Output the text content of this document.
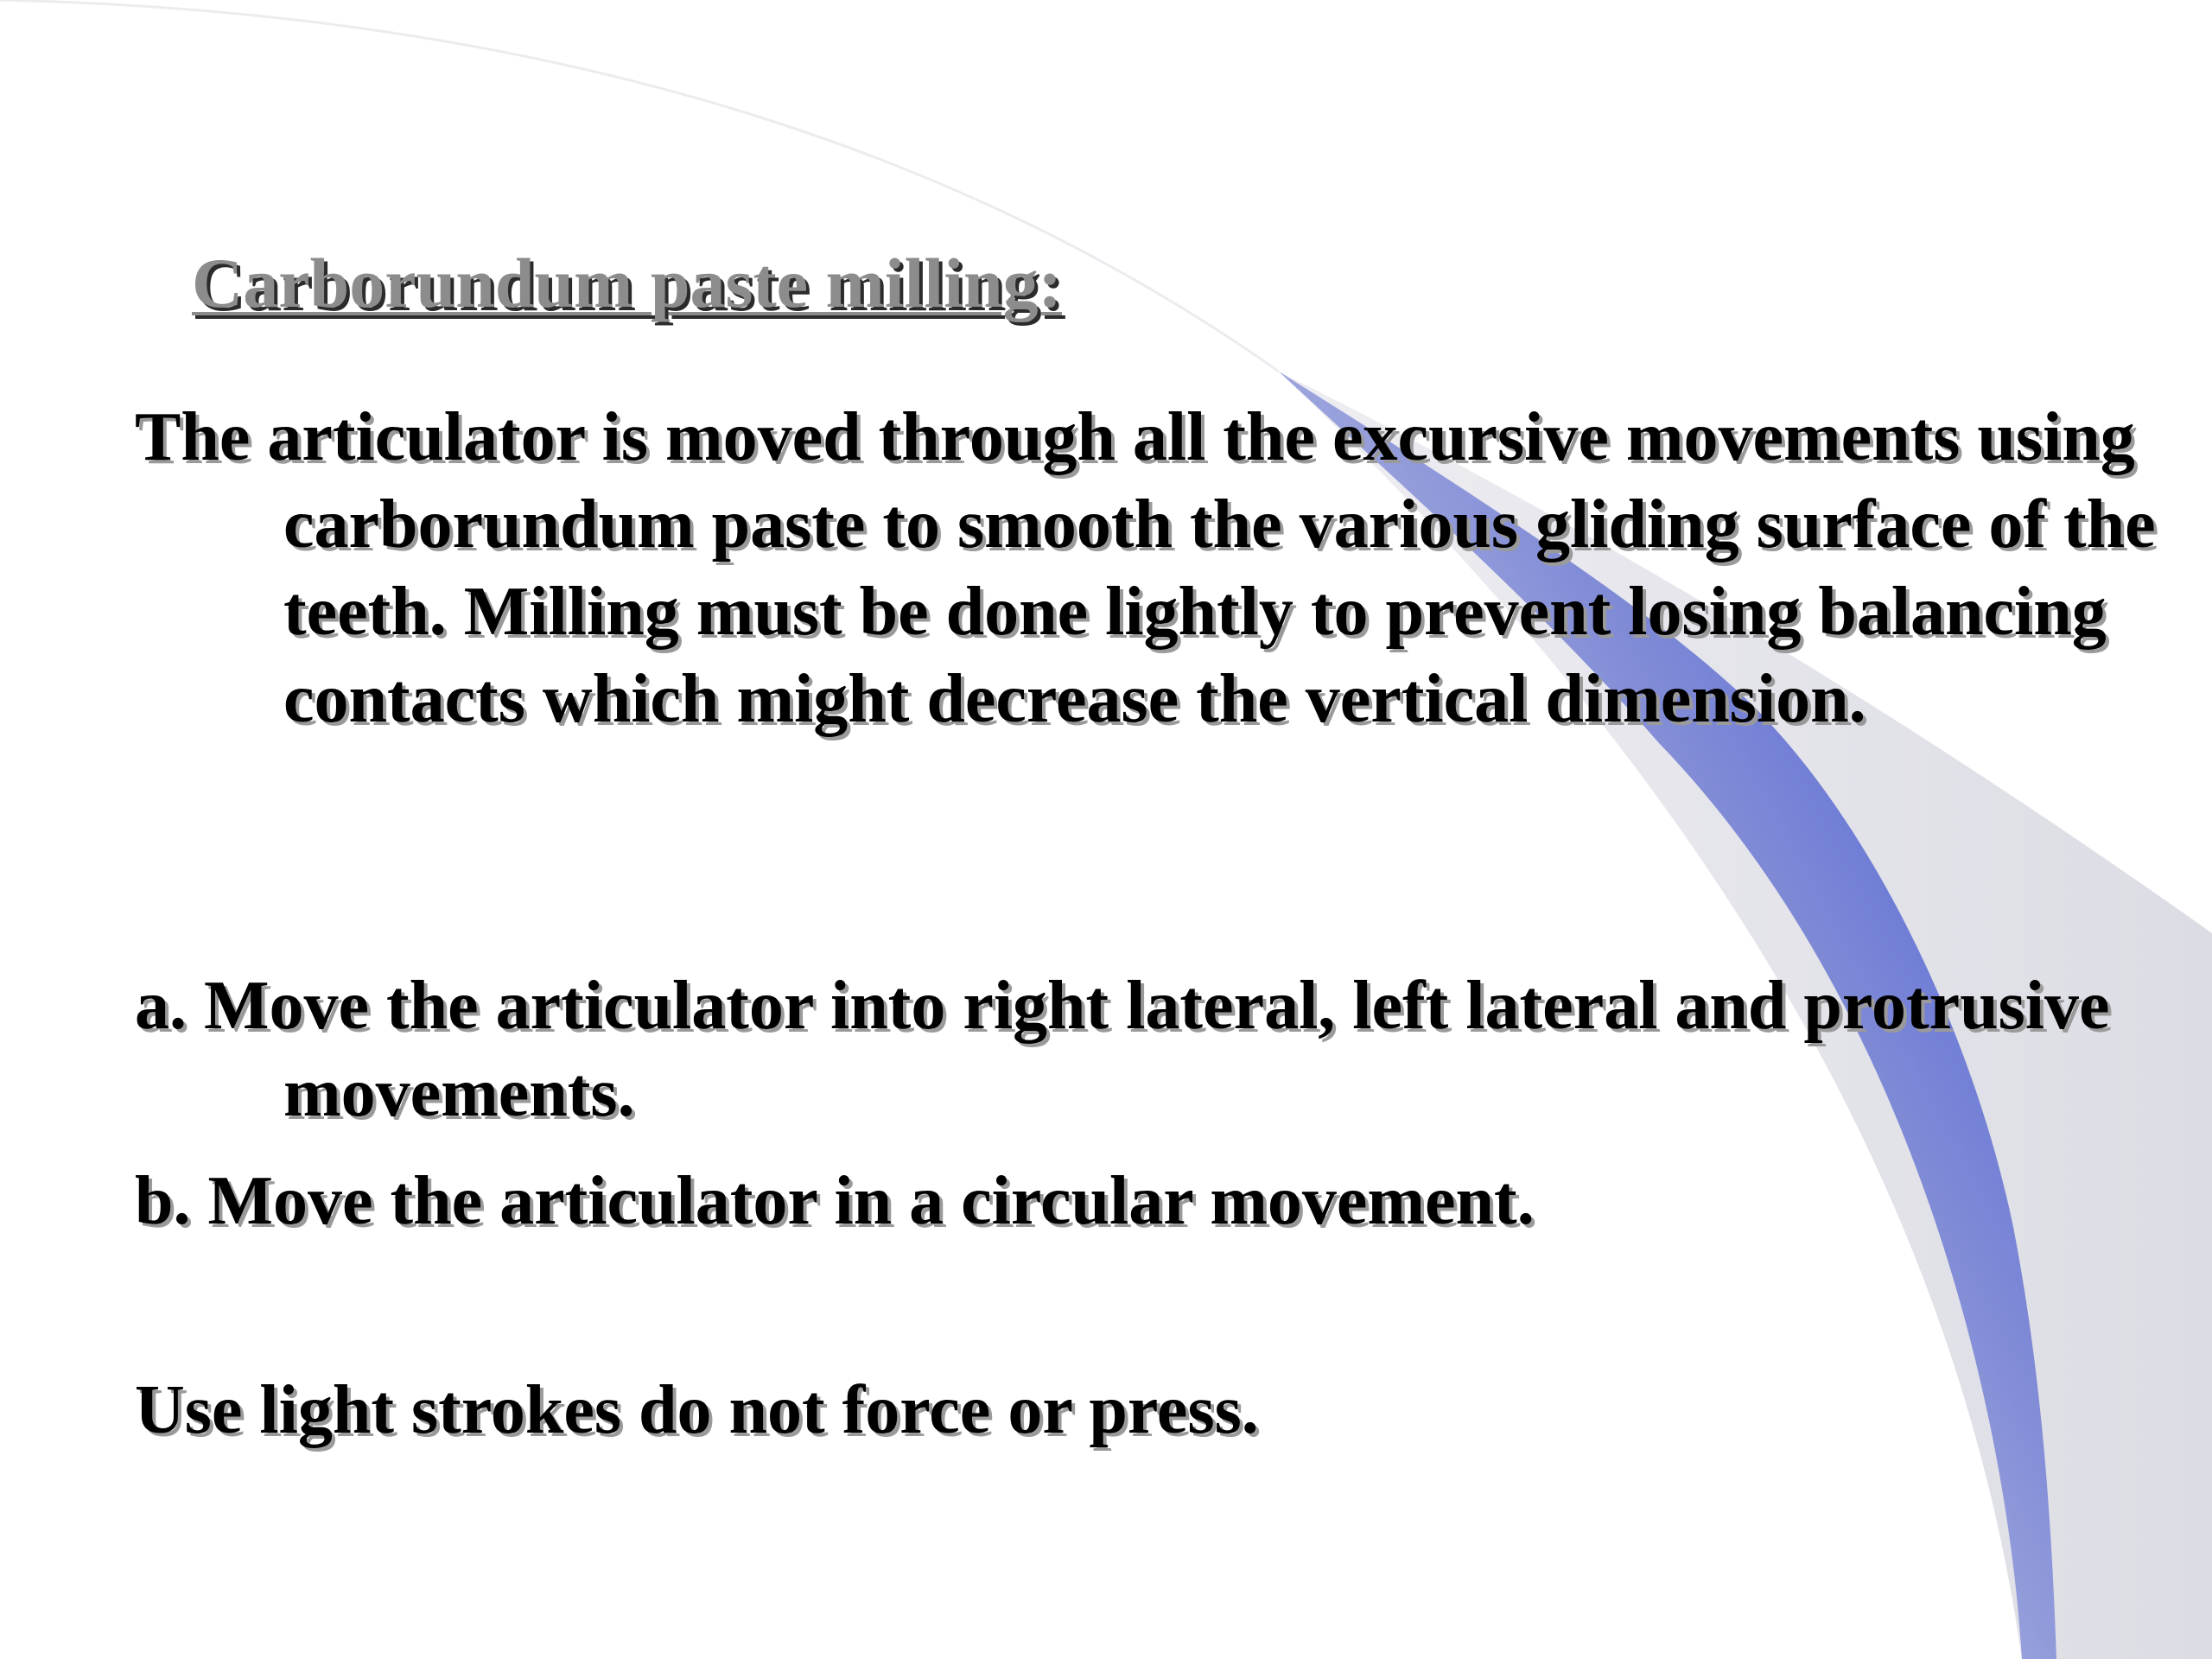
Carborundum paste milling:

The articulator is moved through all the excursive movements using carborundum paste to smooth the various gliding surface of the teeth. Milling must be done lightly to prevent losing balancing contacts which might decrease the vertical dimension.

a. Move the articulator into right lateral, left lateral and protrusive movements.

b. Move the articulator in a circular movement.

Use light strokes do not force or press.
